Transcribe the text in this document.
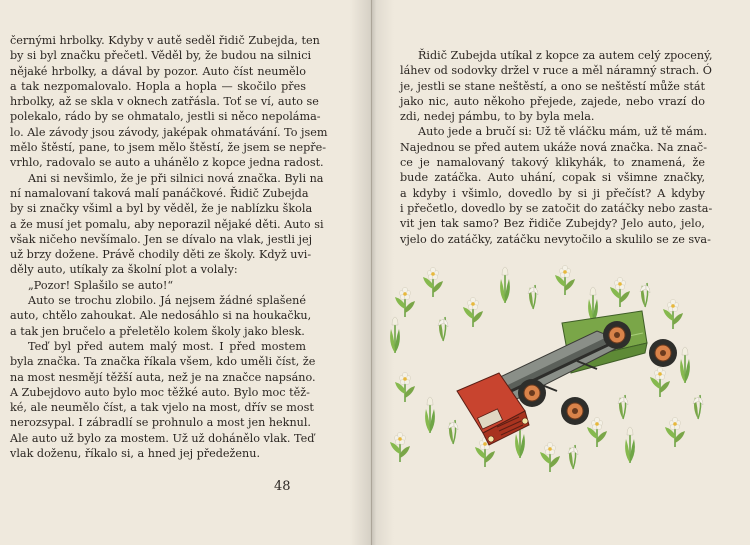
černými hrbolky. Kdyby v autě seděl řidič Zubejda, ten
by si byl značku přečetl. Věděl by, že budou na silnici
nějaké hrbolky, a dával by pozor. Auto číst neumělo
a tak nezpomalovalo. Hopla a hopla — skočilo přes
hrbolky, až se skla v oknech zatřásla. Toť se ví, auto se
polekalo, rádo by se ohmatalo, jestli si něco nepoláma-
lo. Ale závody jsou závody, jaképak ohmatávání. To jsem
mělo štěstí, pane, to jsem mělo štěstí, že jsem se nepře-
vrhlo, radovalo se auto a uhánělo z kopce jedna radost.
Ani si nevšimlo, že je při silnici nová značka. Byli na
ní namalovaní taková malí panáčkové. Řidič Zubejda
by si značky všiml a byl by věděl, že je nablízku škola
a že musí jet pomalu, aby neporazil nějaké děti. Auto si
však ničeho nevšímalo. Jen se dívalo na vlak, jestli jej
už brzy dožene. Právě chodily děti ze školy. Když uvi-
děly auto, utíkaly za školní plot a volaly:
„Pozor! Splašilo se auto!“
Auto se trochu zlobilo. Já nejsem žádné splašené
auto, chtělo zahoukat. Ale nedosáhlo si na houkačku,
a tak jen bručelo a přeletělo kolem školy jako blesk.
Teď byl před autem malý most. I před mostem
byla značka. Ta značka říkala všem, kdo uměli číst, že
na most nesmějí těžší auta, než je na značce napsáno.
A Zubejdovo auto bylo moc těžké auto. Bylo moc těž-
ké, ale neumělo číst, a tak vjelo na most, dřív se most
nerozsypal. I zábradlí se prohnulo a most jen heknul.
Ale auto už bylo za mostem. Už už dohánělo vlak. Teď
vlak doženu, říkalo si, a hned jej předeženu.
48
Řidič Zubejda utíkal z kopce za autem celý zpocený,
láhev od sodovky držel v ruce a měl náramný strach. Ó
je, jestli se stane neštěstí, a ono se neštěstí může stát
jako nic, auto někoho přejede, zajede, nebo vrazí do
zdi, nedej pámbu, to by byla mela.
Auto jede a bručí si: Už tě vláčku mám, už tě mám.
Najednou se před autem ukáže nová značka. Na znač-
ce je namalovaný takový klikyhák, to znamená, že
bude zatáčka. Auto uhání, copak si všimne značky,
a kdyby i všimlo, dovedlo by si ji přečíst? A kdyby
i přečetlo, dovedlo by se zatočit do zatáčky nebo zasta-
vit jen tak samo? Bez řidiče Zubejdy? Jelo auto, jelo,
vjelo do zatáčky, zatáčku nevytočilo a skulilo se ze sva-
